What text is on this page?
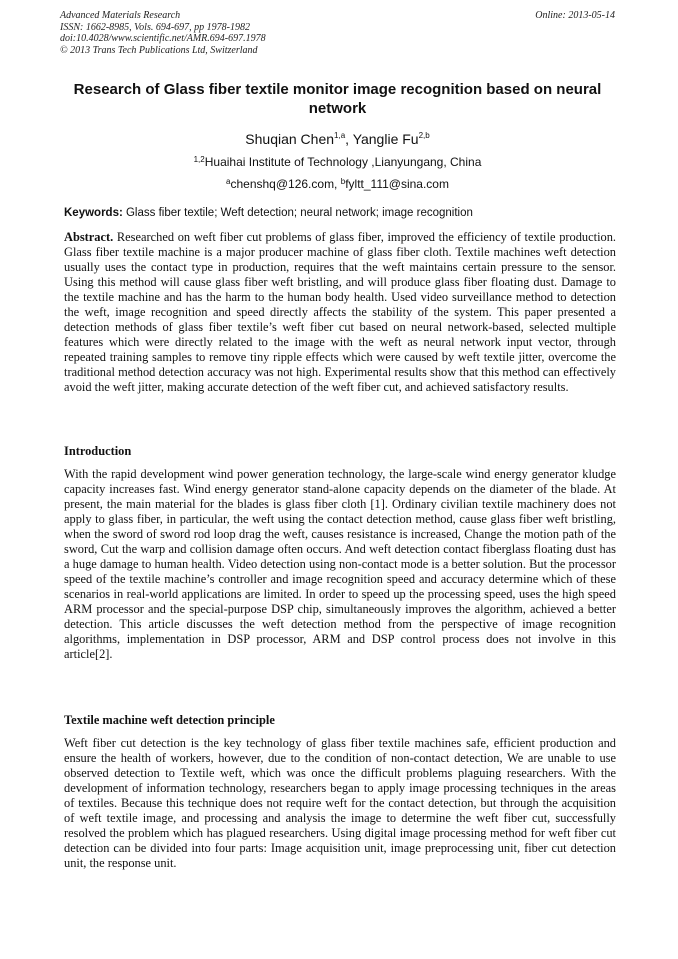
Advanced Materials Research
ISSN: 1662-8985, Vols. 694-697, pp 1978-1982
doi:10.4028/www.scientific.net/AMR.694-697.1978
© 2013 Trans Tech Publications Ltd, Switzerland
Online: 2013-05-14
Research of Glass fiber textile monitor image recognition based on neural network
Shuqian Chen$^{1,a}$, Yanglie Fu$^{2,b}$
$^{1,2}$Huaihai Institute of Technology ,Lianyungang, China
$^a$chenshq@126.com, $^b$fyltt_111@sina.com
Keywords: Glass fiber textile; Weft detection; neural network; image recognition
Abstract. Researched on weft fiber cut problems of glass fiber, improved the efficiency of textile production. Glass fiber textile machine is a major producer machine of glass fiber cloth. Textile machines weft detection usually uses the contact type in production, requires that the weft maintains certain pressure to the sensor. Using this method will cause glass fiber weft bristling, and will produce glass fiber floating dust. Damage to the textile machine and has the harm to the human body health. Used video surveillance method to detection the weft, image recognition and speed directly affects the stability of the system. This paper presented a detection methods of glass fiber textile’s weft fiber cut based on neural network-based, selected multiple features which were directly related to the image with the weft as neural network input vector, through repeated training samples to remove tiny ripple effects which were caused by weft textile jitter, overcome the traditional method detection accuracy was not high. Experimental results show that this method can effectively avoid the weft jitter, making accurate detection of the weft fiber cut, and achieved satisfactory results.
Introduction
With the rapid development wind power generation technology, the large-scale wind energy generator kludge capacity increases fast. Wind energy generator stand-alone capacity depends on the diameter of the blade. At present, the main material for the blades is glass fiber cloth [1]. Ordinary civilian textile machinery does not apply to glass fiber, in particular, the weft using the contact detection method, cause glass fiber weft bristling, when the sword of sword rod loop drag the weft, causes resistance is increased, Change the motion path of the sword, Cut the warp and collision damage often occurs. And weft detection contact fiberglass floating dust has a huge damage to human health. Video detection using non-contact mode is a better solution. But the processor speed of the textile machine’s controller and image recognition speed and accuracy determine which of these scenarios in real-world applications are limited. In order to speed up the processing speed, uses the high speed ARM processor and the special-purpose DSP chip, simultaneously improves the algorithm, achieved a better detection. This article discusses the weft detection method from the perspective of image recognition algorithms, implementation in DSP processor, ARM and DSP control process does not involve in this article[2].
Textile machine weft detection principle
Weft fiber cut detection is the key technology of glass fiber textile machines safe, efficient production and ensure the health of workers, however, due to the condition of non-contact detection, We are unable to use observed detection to Textile weft, which was once the difficult problems plaguing researchers. With the development of information technology, researchers began to apply image processing techniques in the areas of textiles. Because this technique does not require weft for the contact detection, but through the acquisition of weft textile image, and processing and analysis the image to determine the weft fiber cut, successfully resolved the problem which has plagued researchers. Using digital image processing method for weft fiber cut detection can be divided into four parts: Image acquisition unit, image preprocessing unit, fiber cut detection unit, the response unit.
